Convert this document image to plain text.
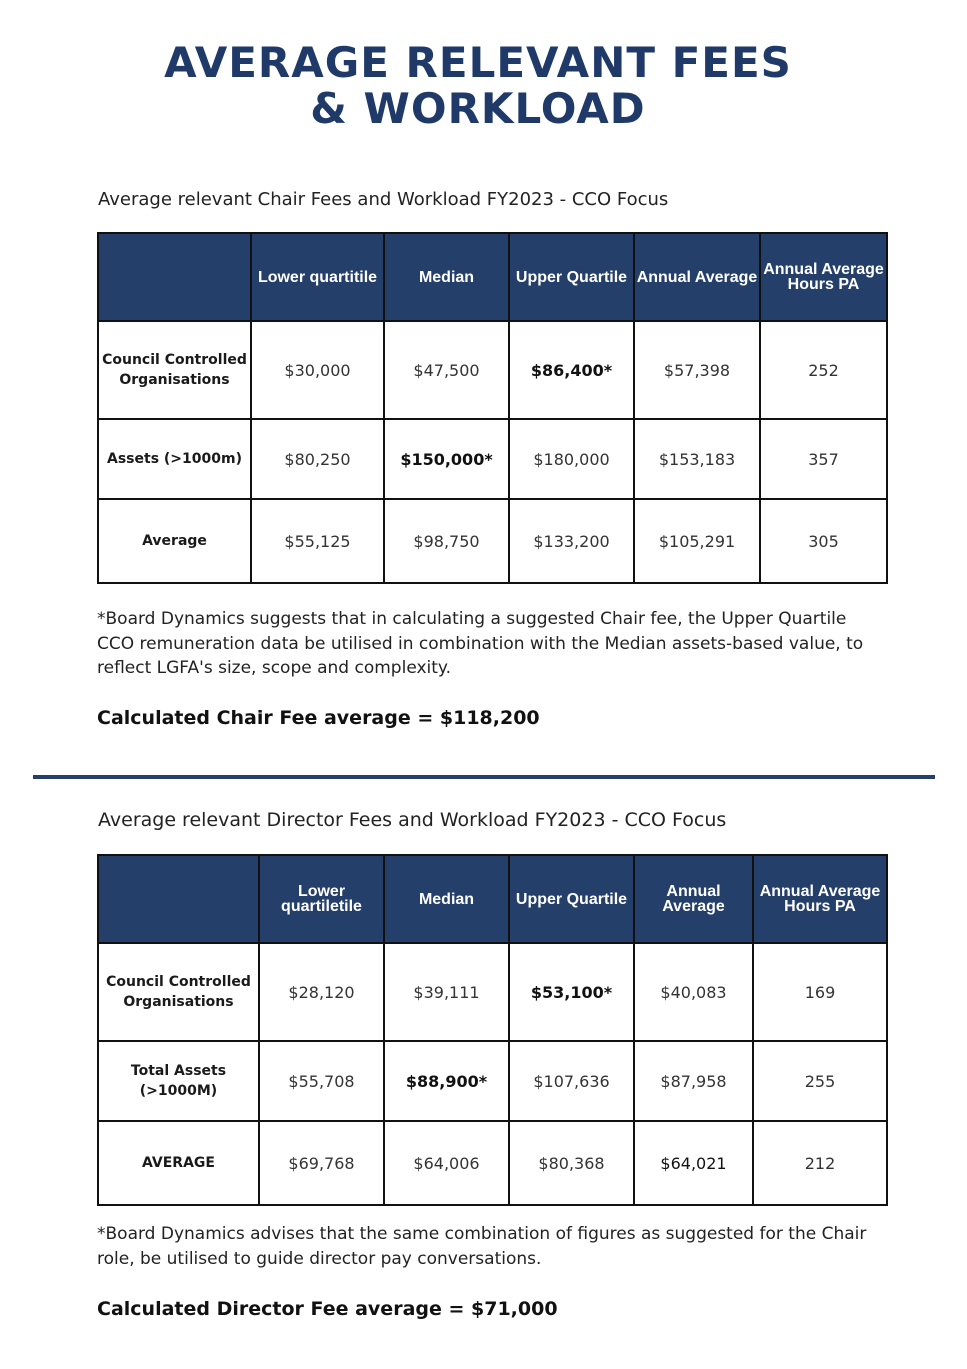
AVERAGE RELEVANT FEES
& WORKLOAD
Average relevant Chair Fees and Workload FY2023 - CCO Focus
	Lower quartitile	Median	Upper Quartile	Annual Average	Annual Average Hours PA
Council Controlled Organisations	$30,000	$47,500	$86,400*	$57,398	252
Assets (>1000m)	$80,250	$150,000*	$180,000	$153,183	357
Average	$55,125	$98,750	$133,200	$105,291	305
*Board Dynamics suggests that in calculating a suggested Chair fee, the Upper Quartile CCO remuneration data be utilised in combination with the Median assets-based value, to reflect LGFA's size, scope and complexity.
Calculated Chair Fee average = $118,200
Average relevant Director Fees and Workload FY2023 - CCO Focus
	Lower quartiletile	Median	Upper Quartile	Annual Average	Annual Average Hours PA
Council Controlled Organisations	$28,120	$39,111	$53,100*	$40,083	169
Total Assets (>1000M)	$55,708	$88,900*	$107,636	$87,958	255
AVERAGE	$69,768	$64,006	$80,368	$64,021	212
*Board Dynamics advises that the same combination of figures as suggested for the Chair role, be utilised to guide director pay conversations.
Calculated Director Fee average = $71,000
